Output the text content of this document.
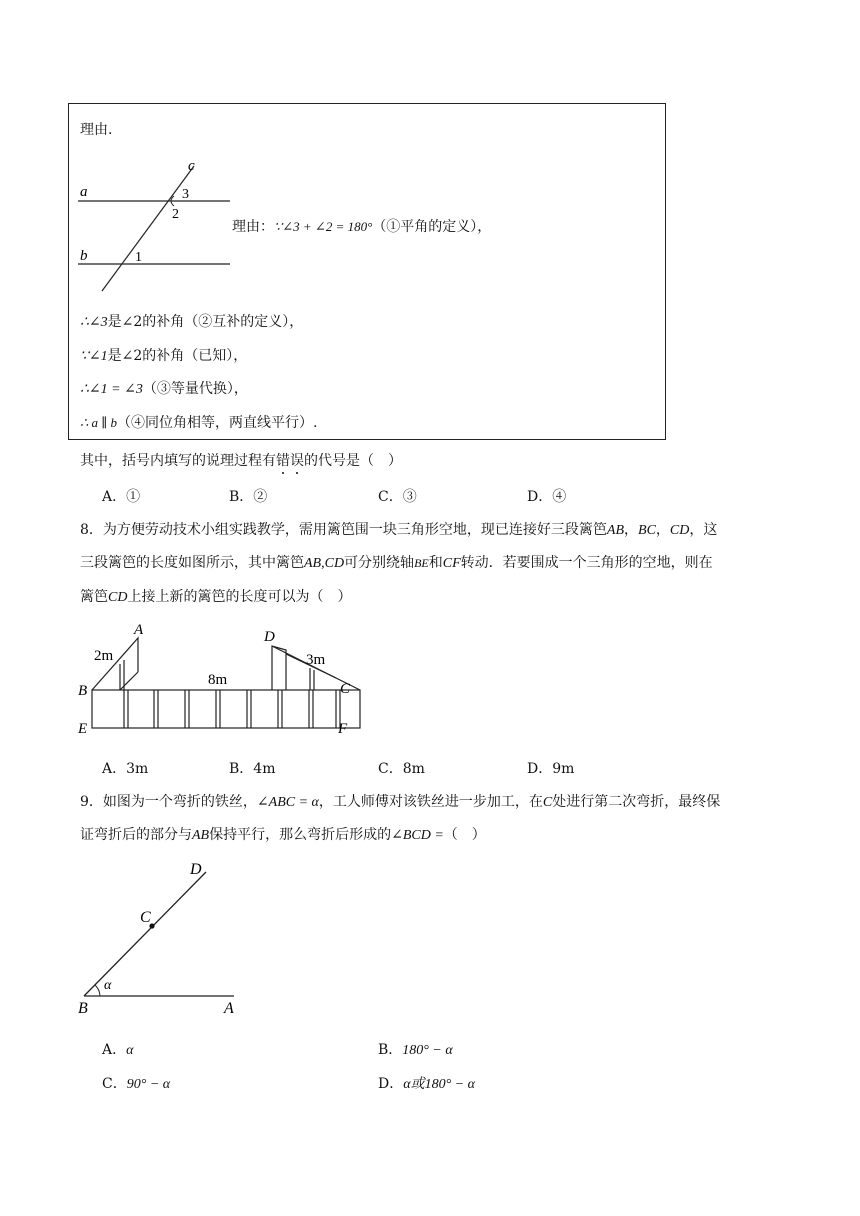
理由.
a
b
c
3
2
1
理由：∵∠3 + ∠2 = 180°（①平角的定义），
∴∠3是∠2的补角（②互补的定义），
∵∠1是∠2的补角（已知），
∴∠1 = ∠3（③等量代换），
∴ a ∥ b（④同位角相等，两直线平行）.
其中，括号内填写的说理过程有错误的代号是（　）
A．①	B．②	C．③	D．④
8．为方便劳动技术小组实践教学，需用篱笆围一块三角形空地，现已连接好三段篱笆AB，BC，CD，这
三段篱笆的长度如图所示，其中篱笆AB,CD可分别绕轴BE和CF转动．若要围成一个三角形的空地，则在
篱笆CD上接上新的篱笆的长度可以为（　）
A
2m
B
E
8m
D
3m
C
F
A．3m	B．4m	C．8m	D．9m
9．如图为一个弯折的铁丝，∠ABC = α，工人师傅对该铁丝进一步加工，在C处进行第二次弯折，最终保
证弯折后的部分与AB保持平行，那么弯折后形成的∠BCD =（　）
D
C
α
B	A
A．α	B．180° − α
C．90° − α	D．α或180° − α
